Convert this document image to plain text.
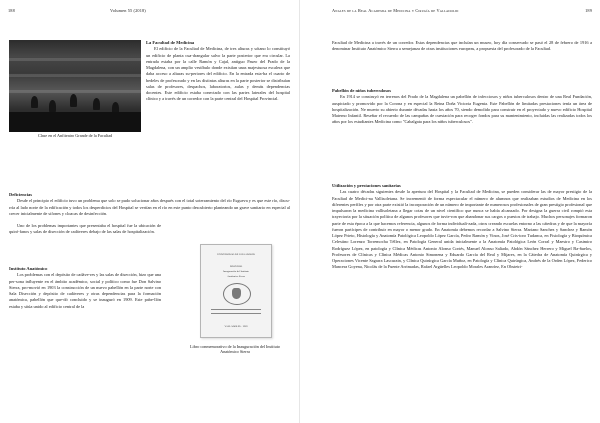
188	Volumen 55 (2018)
Clase en el Anfiteatro Grande de la Facultad
La Facultad de Medicina

El edificio de la Facultad de Medicina, de tres alturas y sótano lo constituyó un edificio de planta cua-drangular salvo la parte posterior que era circular. La entrada estaba por la calle Ramón y Cajal, antiguo Paseo del Prado de la Magdalena, con un amplio vestíbulo donde existían unas majestuosa escalera que daba acceso a alturas su-periores del edificio. En la entrada esta-ba el cuarto de bedeles de profesorado y en las distintas alturas en la parte posterior se distribuían salas de profesores, despachos, laboratorios, aulas y demás dependencias docentes. Este edificio estaba conectado con las partes laterales del hospital clínico y a través de un corredor con la parte central del Hospital Provincial.

Deficiencias

Desde el principio el edificio tuvo un problema que solo se pudo solucionar años después con el total soterramiento del río Esgueva y es que este río, discu-rría al lado norte de la edificación y todos los desperdicios del Hospital se vertían en el río en este punto descubierto planteando un grave sanitario en especial al crecer inicialmente de sifones y cloacas de desinfección.

Uno de los problemas importantes que presentaba el hospital fue la ubicación de quiró-fanos y salas de disección de cadáveres debajo de las salas de hospitalización.

Instituto Anatómico

Los problemas con el depósito de cadáve-res y las salas de disección, hizo que una per-sona influyente en el ámbito académico, social y político como fue Don Salvino Sierra, pro-movió en 1903 la construcción de un nuevo pabellón en la parte norte con Sala Disección y depósito de cadáveres y otras dependencias para la formación anatómica, pabellón que que-dó concluido y se inauguró en 1909. Este pabe-llón estaba y sitúa unido al edificio central de la

UNIVERSIDAD DE VALLADOLID
DISCURSO
Inauguración del Instituto
Anatómico Sierra
VALLADOLID · 1909
Libro conmemorativo de la Inauguración del Instituto Anatómico Sierra
Anales de la Real Academia de Medicina y Cirugía de Valladolid	189

Facultad de Medicina a través de un corredor. Estas dependencias que incluían un museo, hoy día conservado se pasó el 28 de febrero de 1916 a denominar Instituto Anatómico Sierra a semejanza de otras instituciones europeas, a propuesta del profesorado de la Facultad.

Pabellón de niños tuberculosos

En 1914 se construyó en terrenos del Prado de la Magdalena un pabellón de infecciosos y niños tuberculosos dentro de una Real Fundación, auspiciado y promovido por la Corona y en especial la Reina Doña Victoria Eugenia. Este Pabellón de limitadas prestaciones tenía un área de hospitalización. Ne muerto su abierto durante décadas hasta los años 70, siendo demolido para construir en el proyectado y nuevo edificio Hospital Materno Infantil. Reseñar el recuerdo de las campañas de cuestación para recoger fondos para su mantenimiento, incluidas las realizadas todos los años por los estudiantes Medicina como "Cabalgata para los niños tuberculosos".

Utilización y prestaciones sanitarias

Las cuatro décadas siguientes desde la apertura del Hospital y la Facultad de Medicina, se pueden considerar las de mayor prestigio de la Facultad de Medici-na Vallisoletana. Se incrementó de forma espectacular el número de alumnos que realizaban estudios de Medicina en los diferentes perfiles y por otra parte existió la incorporación de un número de importante de numerosos profesionales de gran prestigio profesional que impulsaron la medicina vallisoletana a llegar cotas de un nivel científico que nunca se había alcanzado. Por designa la guerra civil rompió esta trayectoria por la situación política de algunos profesores que tuvie-ron que abandonar sus cargos o puestos de trabajo. Muchos personajes formaron parte de esta época a la que hacemos referencia, algunos de forma individuali-zada, otros creando escuelas entorno a las cátedras y de que la mayoría fueron partícipes de contribuir en mayor o menor grado. En Anatomía debemos recordar a Salvino Sierra. Mariano Sanchez y Sanchez y Ramón López Prieto, Histología y Anatomía Patológica Leopoldo López García, Pedro Ramón y Vinos, José Cris-toro Tudanca, en Fisiología y Bioquímica Celestino Lorenzo Torremocha Téllez, en Patología General unida inicialmente a la Anatomía Patológica León Corral y Maestro y Casimiro Rodríguez López, en patología y Clínica Médicas Antonio Alonso Cortés, Manuel Alonso Saliado, Abdón Sánchez Herrero y Miguel Ba-ñuelos, Profesores de Clínicas y Clínica Médicas Antonio Simonena y Eduardo García del Real y Mijares, en la Cátedra de Anatomía Quirúrgica y Operaciones Vicente Sagarra Lascurain, y Clínica Quirúrgica García Muñoz, en Patología y Clínica Quirúrgica, Andrés de la Orden López, Federico Mancera Goyena, Nicolás de la Fuente Arrimadas, Rafael Argüelles Leopoldo Morales Aranríez, En Obstetri-
